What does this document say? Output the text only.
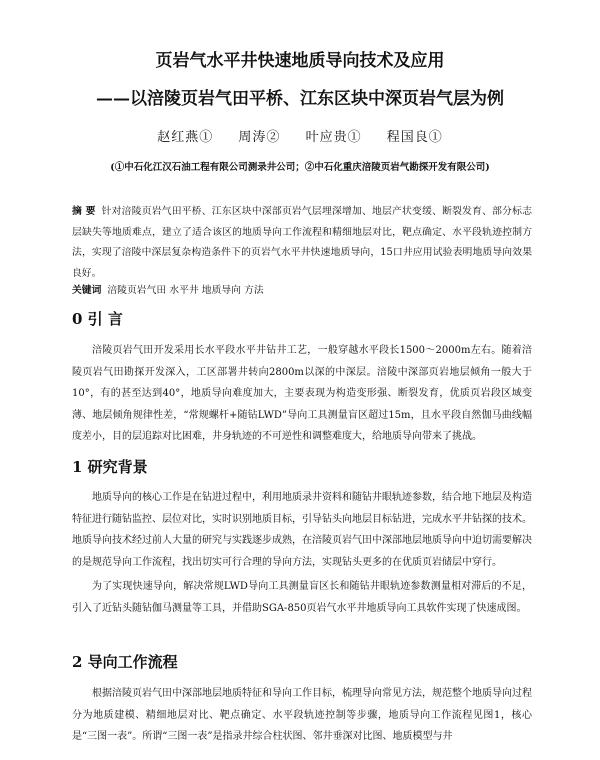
页岩气水平井快速地质导向技术及应用
——以涪陵页岩气田平桥、江东区块中深页岩气层为例
赵红燕① 周涛② 叶应贵① 程国良①
(①中石化江汉石油工程有限公司测录井公司；②中石化重庆涪陵页岩气勘探开发有限公司)
摘 要 针对涪陵页岩气田平桥、江东区块中深部页岩气层埋深增加、地层产状变缓、断裂发育、部分标志层缺失等地质难点，建立了适合该区的地质导向工作流程和精细地层对比，靶点确定、水平段轨迹控制方法，实现了涪陵中深层复杂构造条件下的页岩气水平井快速地质导向，15口井应用试验表明地质导向效果良好。
关键词 涪陵页岩气田 水平井 地质导向 方法
0 引 言

涪陵页岩气田开发采用长水平段水平井钻井工艺，一般穿越水平段长1500～2000m左右。随着涪陵页岩气田勘探开发深入，工区部署井转向2800m以深的中深层。涪陵中深部页岩地层倾角一般大于10°，有的甚至达到40°，地质导向难度加大，主要表现为构造变形强、断裂发育，优质页岩段区域变薄、地层倾角规律性差，“常规螺杆+随钻LWD”导向工具测量盲区超过15m，且水平段自然伽马曲线幅度差小，目的层追踪对比困难，井身轨迹的不可逆性和调整难度大，给地质导向带来了挑战。

1 研究背景

地质导向的核心工作是在钻进过程中，利用地质录井资料和随钻井眼轨迹参数，结合地下地层及构造特征进行随钻监控、层位对比，实时识别地质目标，引导钻头向地层目标钻进，完成水平井钻探的技术。地质导向技术经过前人大量的研究与实践逐步成熟，在涪陵页岩气田中深部地层地质导向中迫切需要解决的是规范导向工作流程，找出切实可行合理的导向方法，实现钻头更多的在优质页岩储层中穿行。

为了实现快速导向，解决常规LWD导向工具测量盲区长和随钻井眼轨迹参数测量相对滞后的不足，引入了近钻头随钻伽马测量等工具，并借助SGA-850页岩气水平井地质导向工具软件实现了快速成图。

2 导向工作流程

根据涪陵页岩气田中深部地层地质特征和导向工作目标，梳理导向常见方法，规范整个地质导向过程分为地质建模、精细地层对比、靶点确定、水平段轨迹控制等步骤，地质导向工作流程见图1，核心是“三图一表”。所谓“三图一表”是指录井综合柱状图、邻井垂深对比图、地质模型与井
